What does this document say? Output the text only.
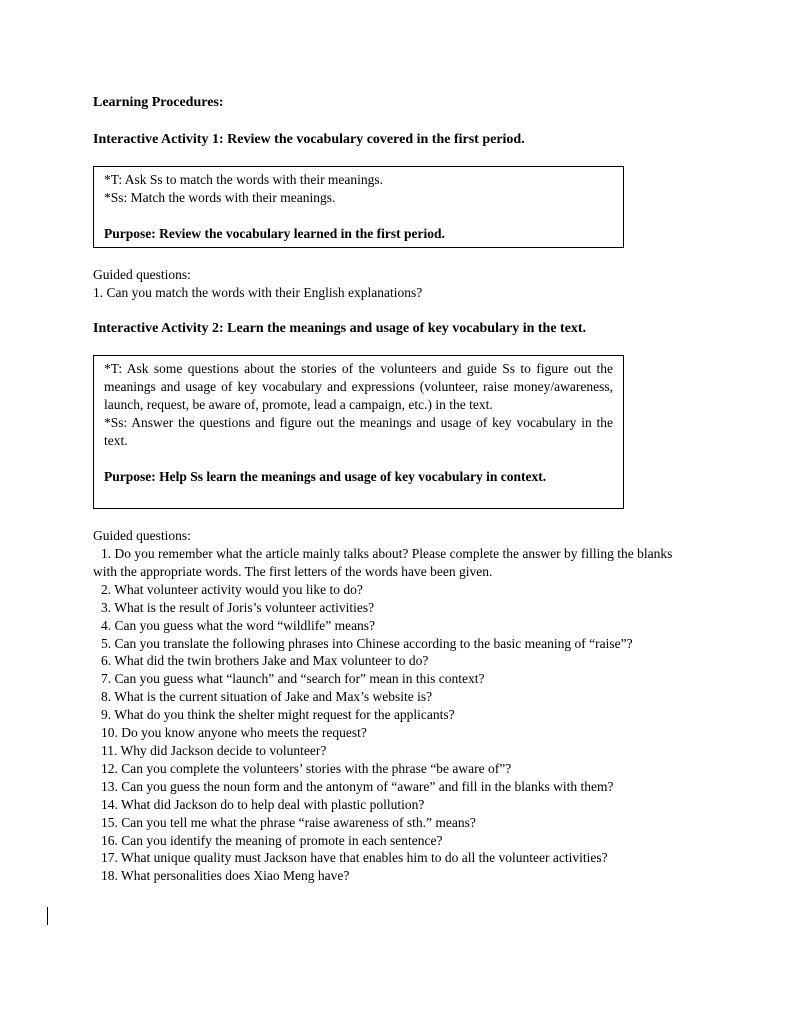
Learning Procedures:
Interactive Activity 1: Review the vocabulary covered in the first period.
*T: Ask Ss to match the words with their meanings.
*Ss: Match the words with their meanings.
Purpose: Review the vocabulary learned in the first period.
Guided questions:
1. Can you match the words with their English explanations?
Interactive Activity 2: Learn the meanings and usage of key vocabulary in the text.
*T: Ask some questions about the stories of the volunteers and guide Ss to figure out the meanings and usage of key vocabulary and expressions (volunteer, raise money/awareness, launch, request, be aware of, promote, lead a campaign, etc.) in the text.
*Ss: Answer the questions and figure out the meanings and usage of key vocabulary in the text.
Purpose: Help Ss learn the meanings and usage of key vocabulary in context.
Guided questions:
1. Do you remember what the article mainly talks about? Please complete the answer by filling the blanks with the appropriate words. The first letters of the words have been given.
2. What volunteer activity would you like to do?
3. What is the result of Joris’s volunteer activities?
4. Can you guess what the word “wildlife” means?
5. Can you translate the following phrases into Chinese according to the basic meaning of “raise”?
6. What did the twin brothers Jake and Max volunteer to do?
7. Can you guess what “launch” and “search for” mean in this context?
8. What is the current situation of Jake and Max’s website is?
9. What do you think the shelter might request for the applicants?
10. Do you know anyone who meets the request?
11. Why did Jackson decide to volunteer?
12. Can you complete the volunteers’ stories with the phrase “be aware of”?
13. Can you guess the noun form and the antonym of “aware” and fill in the blanks with them?
14. What did Jackson do to help deal with plastic pollution?
15. Can you tell me what the phrase “raise awareness of sth.” means?
16. Can you identify the meaning of promote in each sentence?
17. What unique quality must Jackson have that enables him to do all the volunteer activities?
18. What personalities does Xiao Meng have?
